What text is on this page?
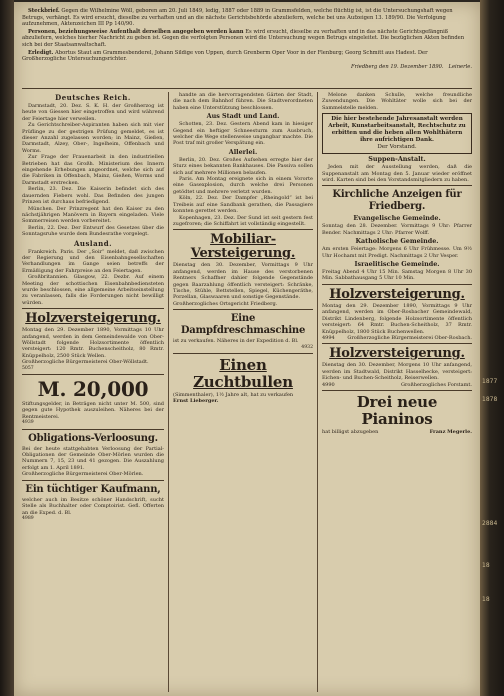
Steckbrief. Gegen die Wilhelmine Wöll, geboren am 20. Juli 1849, ledig, 1887 oder 1889 in Grammsfelden, welche flüchtig ist, ist die Untersuchungshaft wegen Betrugs, verhängt. Es wird ersucht, dieselbe zu verhaften und an die nächste Gerichtsbehörde abzuliefern, welche bei uns Aufzeigen 13. 189/90. Die Verfolgung aufzunehmen, Aktenzeichen III Pp 140/90.

Personen, beziehungsweise Aufenthalt derselben angegeben werden kann Es wird ersucht, dieselbe zu verhaften und in das nächste Gerichtsgefängniß abzuliefern, welches hierher Nachricht zu geben ist. Gegen die verfolgten Personen wird die Untersuchung wegen Betrugs eingeleitet. Die bezüglichen Akten befinden sich bei der Staatsanwaltschaft.

Erledigt. Abortus Staut am Grammesbenderel, Johann Sildige von Uppen, durch Grenberm Oper Voor in der Flenburg; Georg Schmitt aus Hadest. Der Großherzogliche Untersuchungsrichter.

Friedberg den 19. Dezember 1890. Leinerle.

Deutsches Reich.

Darmstadt, 20. Dez. S. K. H. der Großherzog ist heute von Giessen hier eingetroffen und wird während der Feiertage hier verweilen.

Zu Gerichtschreiber-Aspiranten haben sich mit vier Prüflinge zu der gestrigen Prüfung gemeldet, es ist dieser Anzahl zugelassen worden; in Mainz, Gießen, Darmstadt, Alzey, Ober-, Ingelheim, Offenbach und Worms.

Zur Frage der Frauenarbeit in den industriellen Betrieben hat das Großh. Ministerium des Innern eingehende Erhebungen angeordnet, welche sich auf die Fabriken in Offenbach, Mainz, Gießen, Worms und Darmstadt erstrecken.

Berlin, 23. Dez. Die Kaiserin befindet sich des dauernden Fiebers wohl. Das Befinden des jungen Prinzen ist durchaus befriedigend.

München. Der Prinzregent hat den Kaiser zu den nächstjährigen Manövern in Bayern eingeladen. Viele Sommerreisen werden vorbereitet.

Berlin, 22. Dez. Der Entwurf des Gesetzes über die Sonntagsruhe wurde dem Bundesrathe vorgelegt.

Ausland.

Frankreich. Paris. Der „Soir“ meldet, daß zwischen der Regierung und den Eisenbahngesellschaften Verhandlungen im Gange seien betreffs der Ermäßigung der Fahrpreise an den Feiertagen.

Großbritannien. Glasgow, 22. Dezbr. Auf einem Meeting der schottischen Eisenbahnbediensteten wurde beschlossen, eine allgemeine Arbeitseinstellung zu veranlassen, falls die Forderungen nicht bewilligt würden.

Holzversteigerung.

Montag den 29. Dezember 1890, Vormittags 10 Uhr anfangend, werden in dem Gemeindewalde von Ober-Wöllstadt folgende Holzsortimente öffentlich versteigert: 120 Rmtr. Buchenscheitholz, 80 Rmtr. Knüppelholz, 2500 Stück Wellen.

Großherzogliche Bürgermeisterei Ober-Wöllstadt.

5057
M. 20,000

Stiftungsgelder, in Beträgen nicht unter M. 500, sind gegen gute Hypothek auszuleihen. Näheres bei der Rentmeisterei.

4939
Obligations-Verloosung.

Bei der heute stattgehabten Verloosung der Partial-Obligationen der Gemeinde Ober-Mörlen wurden die Nummern 7, 15, 23 und 41 gezogen. Die Auszahlung erfolgt am 1. April 1891.

Großherzogliche Bürgermeisterei Ober-Mörlen.

Ein tüchtiger Kaufmann,

welcher auch im Besitze schöner Handschrift, sucht Stelle als Buchhalter oder Comptoirist. Gefl. Offerten an die Exped. d. Bl.

4989

handte an die hervorragendsten Gärten der Stadt, die nach dem Bahnhof führen. Die Stadtverordneten haben eine Unterstützung beschlossen.

Aus Stadt und Land.

Schotten, 23. Dez. Gestern Abend kam in hiesiger Gegend ein heftiger Schneesturm zum Ausbruch, welcher die Wege stellenweise ungangbar machte. Die Post traf mit großer Verspätung ein.

Allerlei.

Berlin, 20. Dez. Großes Aufsehen erregte hier der Sturz eines bekannten Bankhauses. Die Passiva sollen sich auf mehrere Millionen belaufen.

Paris. Am Montag ereignete sich in einem Vororte eine Gasexplosion, durch welche drei Personen getödtet und mehrere verletzt wurden.

Köln, 22. Dez. Der Dampfer „Rheingold“ ist bei Treibeis auf eine Sandbank gerathen, die Passagiere konnten gerettet werden.

Kopenhagen, 23. Dez. Der Sund ist seit gestern fest zugefroren; die Schiffahrt ist vollständig eingestellt.

Mobiliar-Versteigerung.

Dienstag den 30. Dezember, Vormittags 9 Uhr anfangend, werden im Hause des verstorbenen Rentners Schaffner dahier folgende Gegenstände gegen Baarzahlung öffentlich versteigert: Schränke, Tische, Stühle, Bettstellen, Spiegel, Küchengeräthe, Porzellan, Glaswaaren und sonstige Gegenstände.

Großherzogliches Ortsgericht Friedberg.

Eine Dampfdreschmaschine

ist zu verkaufen. Näheres in der Expedition d. Bl.

4932
Einen Zuchtbullen

(Simmenthaler), 1½ Jahre alt, hat zu verkaufen

Ernst Lieberger.

Melone danken Schulle, welche freundliche Zuwendungen. Die Wohltäter wolle sich bei der Sammelstelle melden.

Die hier bestehende Jahresanstalt werden Arbeit, Kunstarbeitsanstalt, Rechtschutz zu erbitten und die heben allen Wohlthätern ihre aufrichtigen Dank.
Der Vorstand.
Suppen-Anstalt.

Jeden mit der Ausstellung werden, daß die Suppenanstalt am Montag den 5. Januar wieder eröffnet wird. Karten sind bei den Vorstandsmitgliedern zu haben.

Kirchliche Anzeigen für Friedberg.
Evangelische Gemeinde.

Sonntag den 28. Dezember. Vormittags 9 Uhr: Pfarrer Bender. Nachmittags 2 Uhr: Pfarrer Wolff.

Katholische Gemeinde.

Am ersten Feiertage: Morgens 6 Uhr Frühmesse. Um 9½ Uhr Hochamt mit Predigt. Nachmittags 2 Uhr Vesper.

Israelitische Gemeinde.

Freitag Abend 4 Uhr 15 Min. Samstag Morgen 8 Uhr 30 Min. Sabbathausgang 5 Uhr 10 Min.

Holzversteigerung.

Montag den 29. Dezember 1890, Vormittags 9 Uhr anfangend, werden im Ober-Rosbacher Gemeindewald, Distrikt Lindenberg, folgende Holzsortimente öffentlich versteigert: 64 Rmtr. Buchen-Scheitholz, 37 Rmtr. Knüppelholz, 1800 Stück Buchenwellen.

4994	Großherzogliche Bürgermeisterei Ober-Rosbach.
Holzversteigerung.

Dienstag den 30. Dezember, Morgens 10 Uhr anfangend, werden im Stadtwald, Distrikt Hasselhecke, versteigert: Eichen- und Buchen-Scheitholz, Reiserwellen.

4990	Großherzogliches Forstamt.
Drei neue Pianinos
hat billigst abzugeben	Franz Megerle.
1877
1878
2884
18
18
